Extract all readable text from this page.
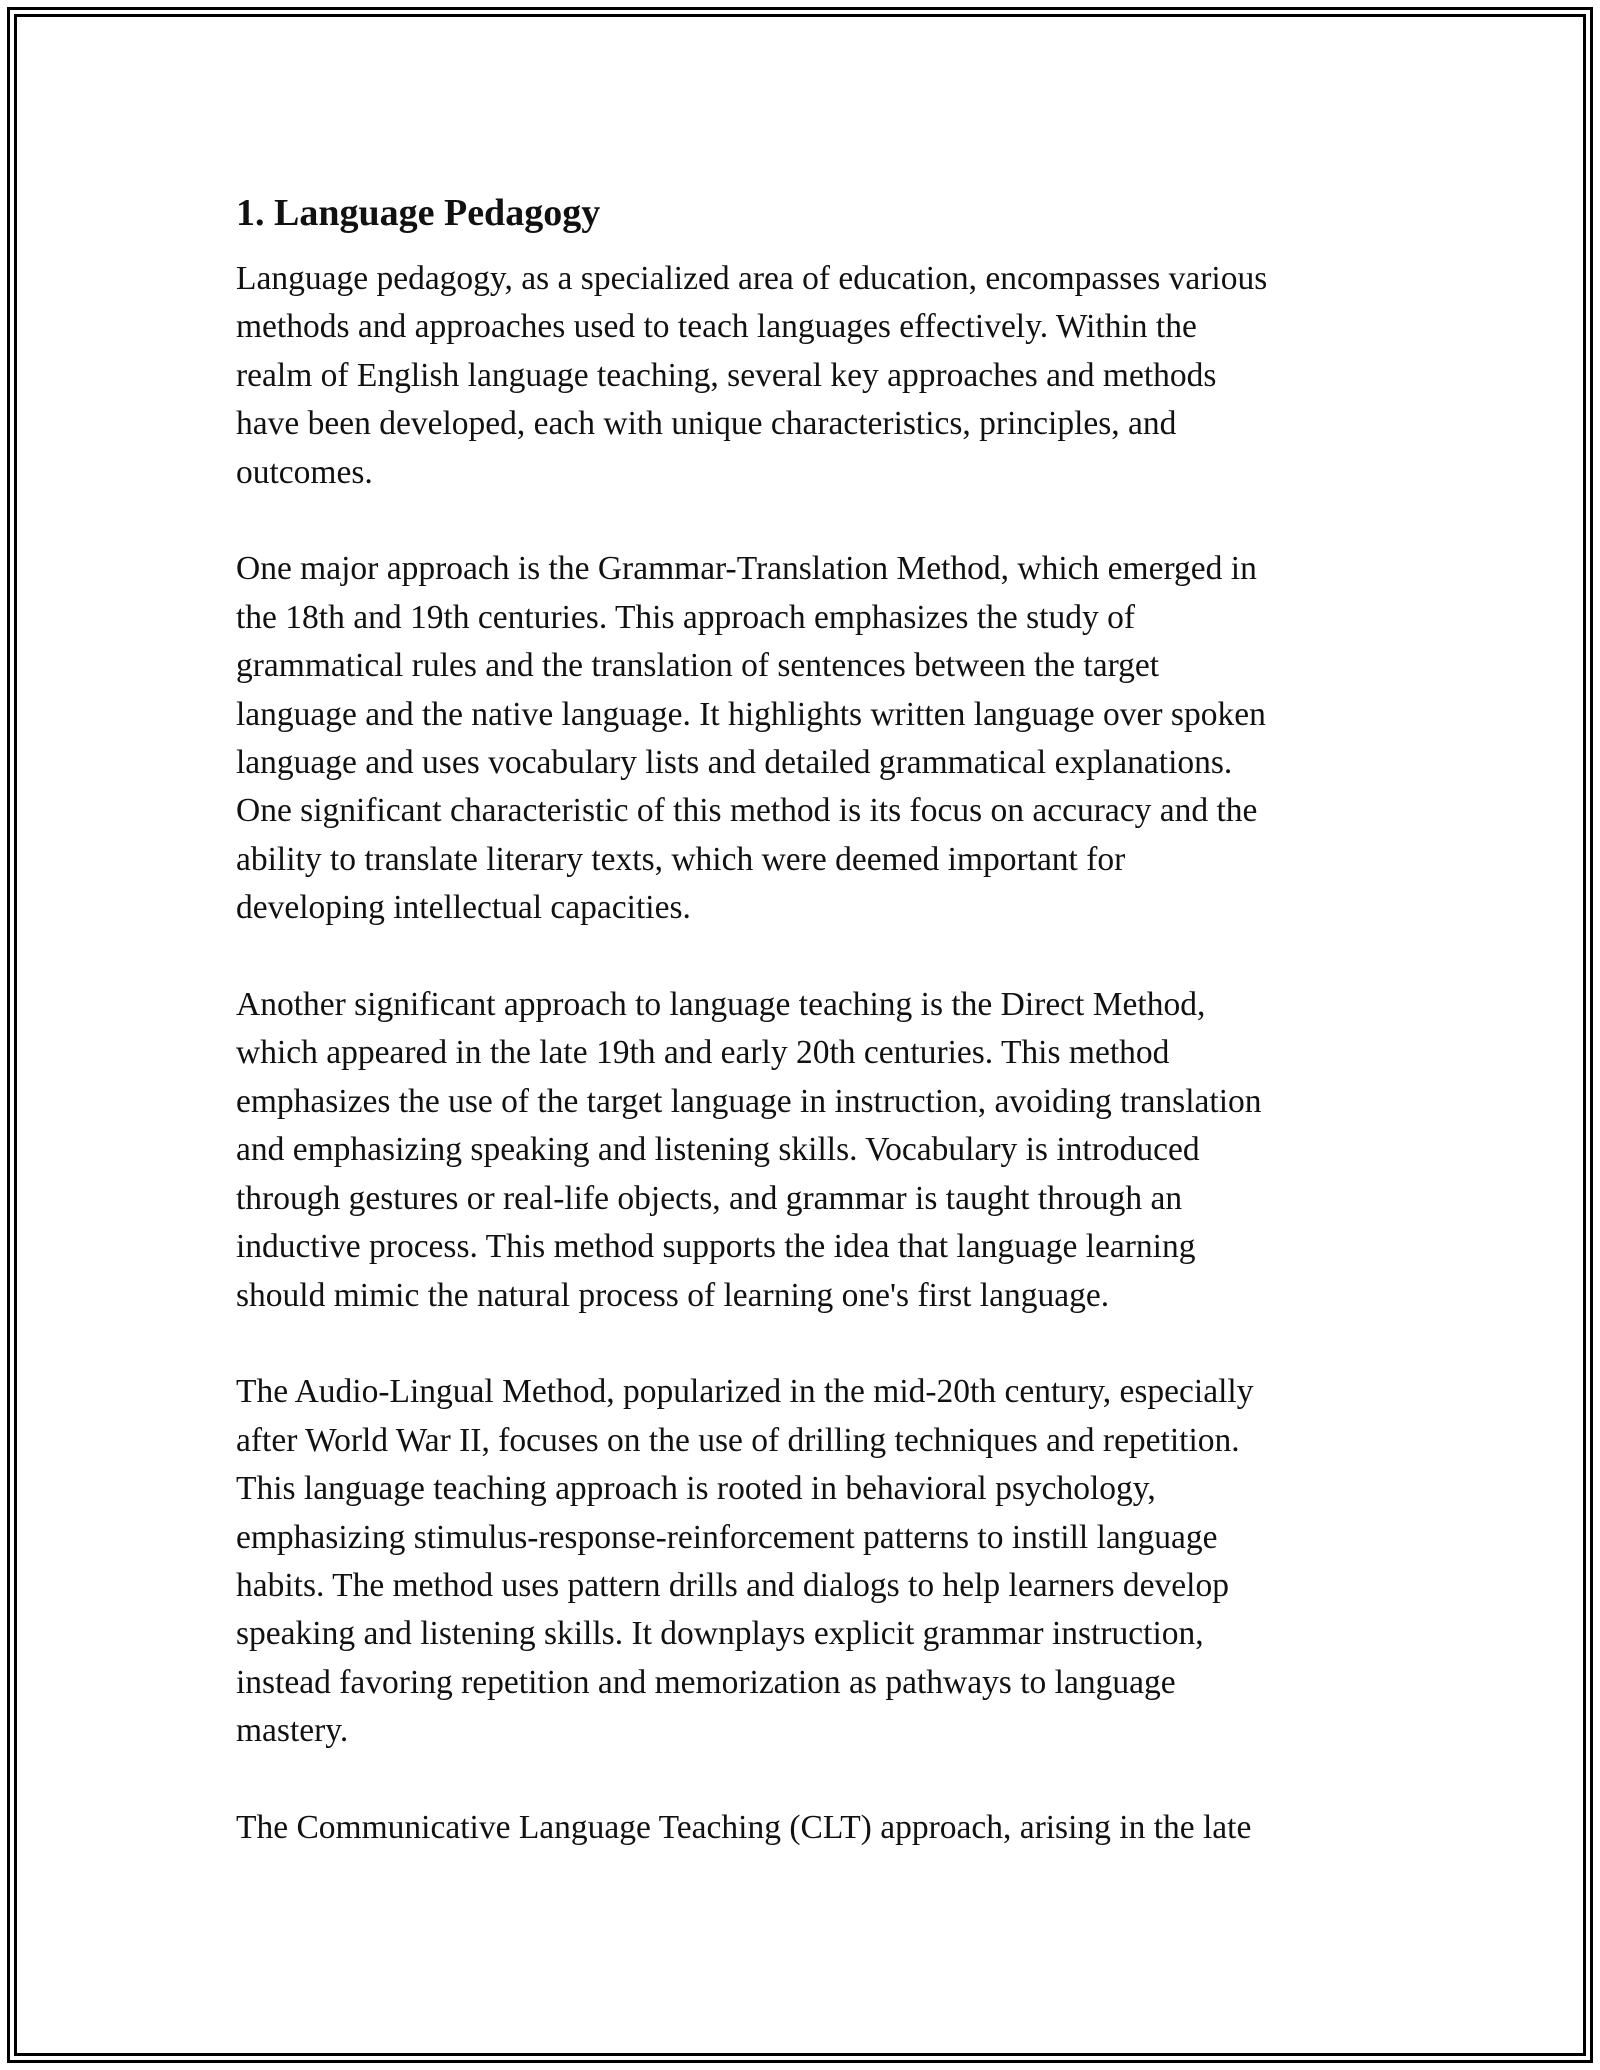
1. Language Pedagogy
Language pedagogy, as a specialized area of education, encompasses various
methods and approaches used to teach languages effectively. Within the
realm of English language teaching, several key approaches and methods
have been developed, each with unique characteristics, principles, and
outcomes.
One major approach is the Grammar-Translation Method, which emerged in
the 18th and 19th centuries. This approach emphasizes the study of
grammatical rules and the translation of sentences between the target
language and the native language. It highlights written language over spoken
language and uses vocabulary lists and detailed grammatical explanations.
One significant characteristic of this method is its focus on accuracy and the
ability to translate literary texts, which were deemed important for
developing intellectual capacities.
Another significant approach to language teaching is the Direct Method,
which appeared in the late 19th and early 20th centuries. This method
emphasizes the use of the target language in instruction, avoiding translation
and emphasizing speaking and listening skills. Vocabulary is introduced
through gestures or real-life objects, and grammar is taught through an
inductive process. This method supports the idea that language learning
should mimic the natural process of learning one's first language.
The Audio-Lingual Method, popularized in the mid-20th century, especially
after World War II, focuses on the use of drilling techniques and repetition.
This language teaching approach is rooted in behavioral psychology,
emphasizing stimulus-response-reinforcement patterns to instill language
habits. The method uses pattern drills and dialogs to help learners develop
speaking and listening skills. It downplays explicit grammar instruction,
instead favoring repetition and memorization as pathways to language
mastery.
The Communicative Language Teaching (CLT) approach, arising in the late
